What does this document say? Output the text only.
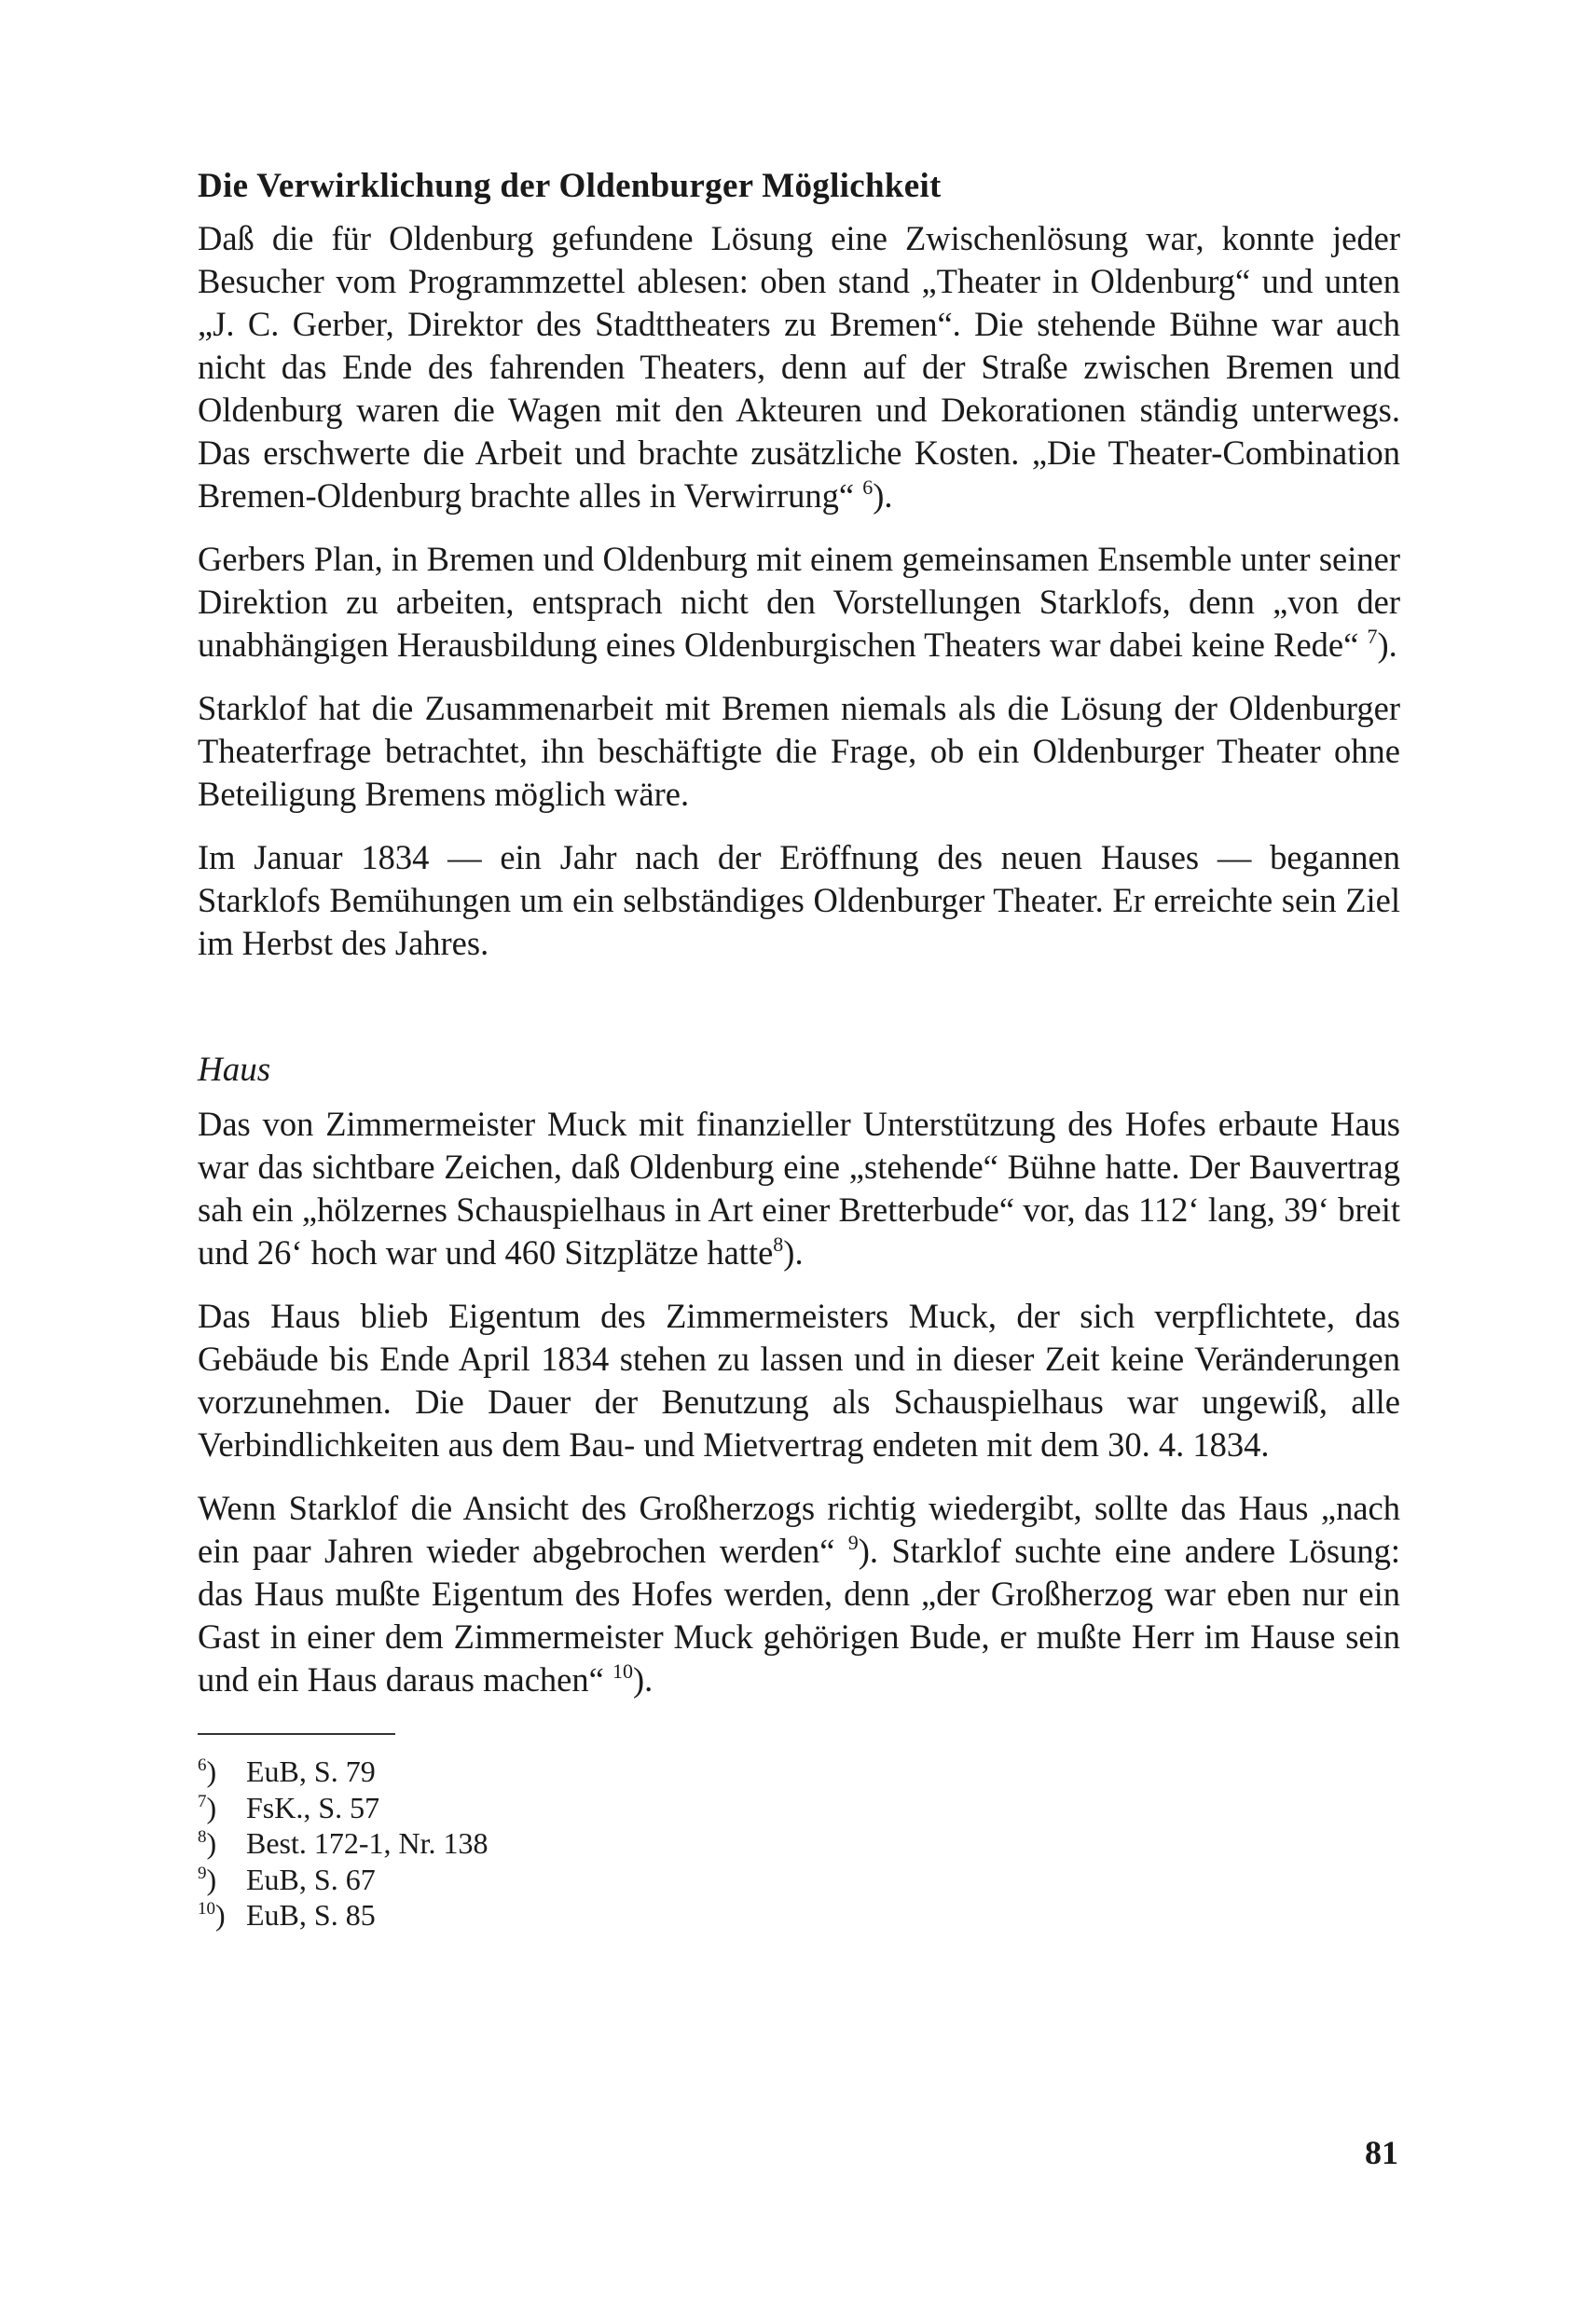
Die Verwirklichung der Oldenburger Möglichkeit

Daß die für Oldenburg gefundene Lösung eine Zwischenlösung war, konnte jeder Besucher vom Programmzettel ablesen: oben stand „Theater in Oldenburg“ und unten „J. C. Gerber, Direktor des Stadttheaters zu Bremen“. Die stehende Bühne war auch nicht das Ende des fahrenden Theaters, denn auf der Straße zwischen Bremen und Oldenburg waren die Wagen mit den Akteuren und Dekorationen ständig unterwegs. Das erschwerte die Arbeit und brachte zusätzliche Kosten. „Die Theater-Combination Bremen-Oldenburg brachte alles in Verwirrung“ $^6$).

Gerbers Plan, in Bremen und Oldenburg mit einem gemeinsamen Ensemble unter seiner Direktion zu arbeiten, entsprach nicht den Vorstellungen Starklofs, denn „von der unabhängigen Herausbildung eines Oldenburgischen Theaters war dabei keine Rede“ $^7$).

Starklof hat die Zusammenarbeit mit Bremen niemals als die Lösung der Oldenburger Theaterfrage betrachtet, ihn beschäftigte die Frage, ob ein Oldenburger Theater ohne Beteiligung Bremens möglich wäre.

Im Januar 1834 — ein Jahr nach der Eröffnung des neuen Hauses — begannen Starklofs Bemühungen um ein selbständiges Oldenburger Theater. Er erreichte sein Ziel im Herbst des Jahres.

Haus

Das von Zimmermeister Muck mit finanzieller Unterstützung des Hofes erbaute Haus war das sichtbare Zeichen, daß Oldenburg eine „stehende“ Bühne hatte. Der Bauvertrag sah ein „hölzernes Schauspielhaus in Art einer Bretterbude“ vor, das 112‘ lang, 39‘ breit und 26‘ hoch war und 460 Sitzplätze hatte$^8$).

Das Haus blieb Eigentum des Zimmermeisters Muck, der sich verpflichtete, das Gebäude bis Ende April 1834 stehen zu lassen und in dieser Zeit keine Veränderungen vorzunehmen. Die Dauer der Benutzung als Schauspielhaus war ungewiß, alle Verbindlichkeiten aus dem Bau- und Mietvertrag endeten mit dem 30. 4. 1834.

Wenn Starklof die Ansicht des Großherzogs richtig wiedergibt, sollte das Haus „nach ein paar Jahren wieder abgebrochen werden“ $^9$). Starklof suchte eine andere Lösung: das Haus mußte Eigentum des Hofes werden, denn „der Großherzog war eben nur ein Gast in einer dem Zimmermeister Muck gehörigen Bude, er mußte Herr im Hause sein und ein Haus daraus machen“ $^{10}$).

$^6$) EuB, S. 79
$^7$) FsK., S. 57
$^8$) Best. 172-1, Nr. 138
$^9$) EuB, S. 67
$^{10}$) EuB, S. 85
81
